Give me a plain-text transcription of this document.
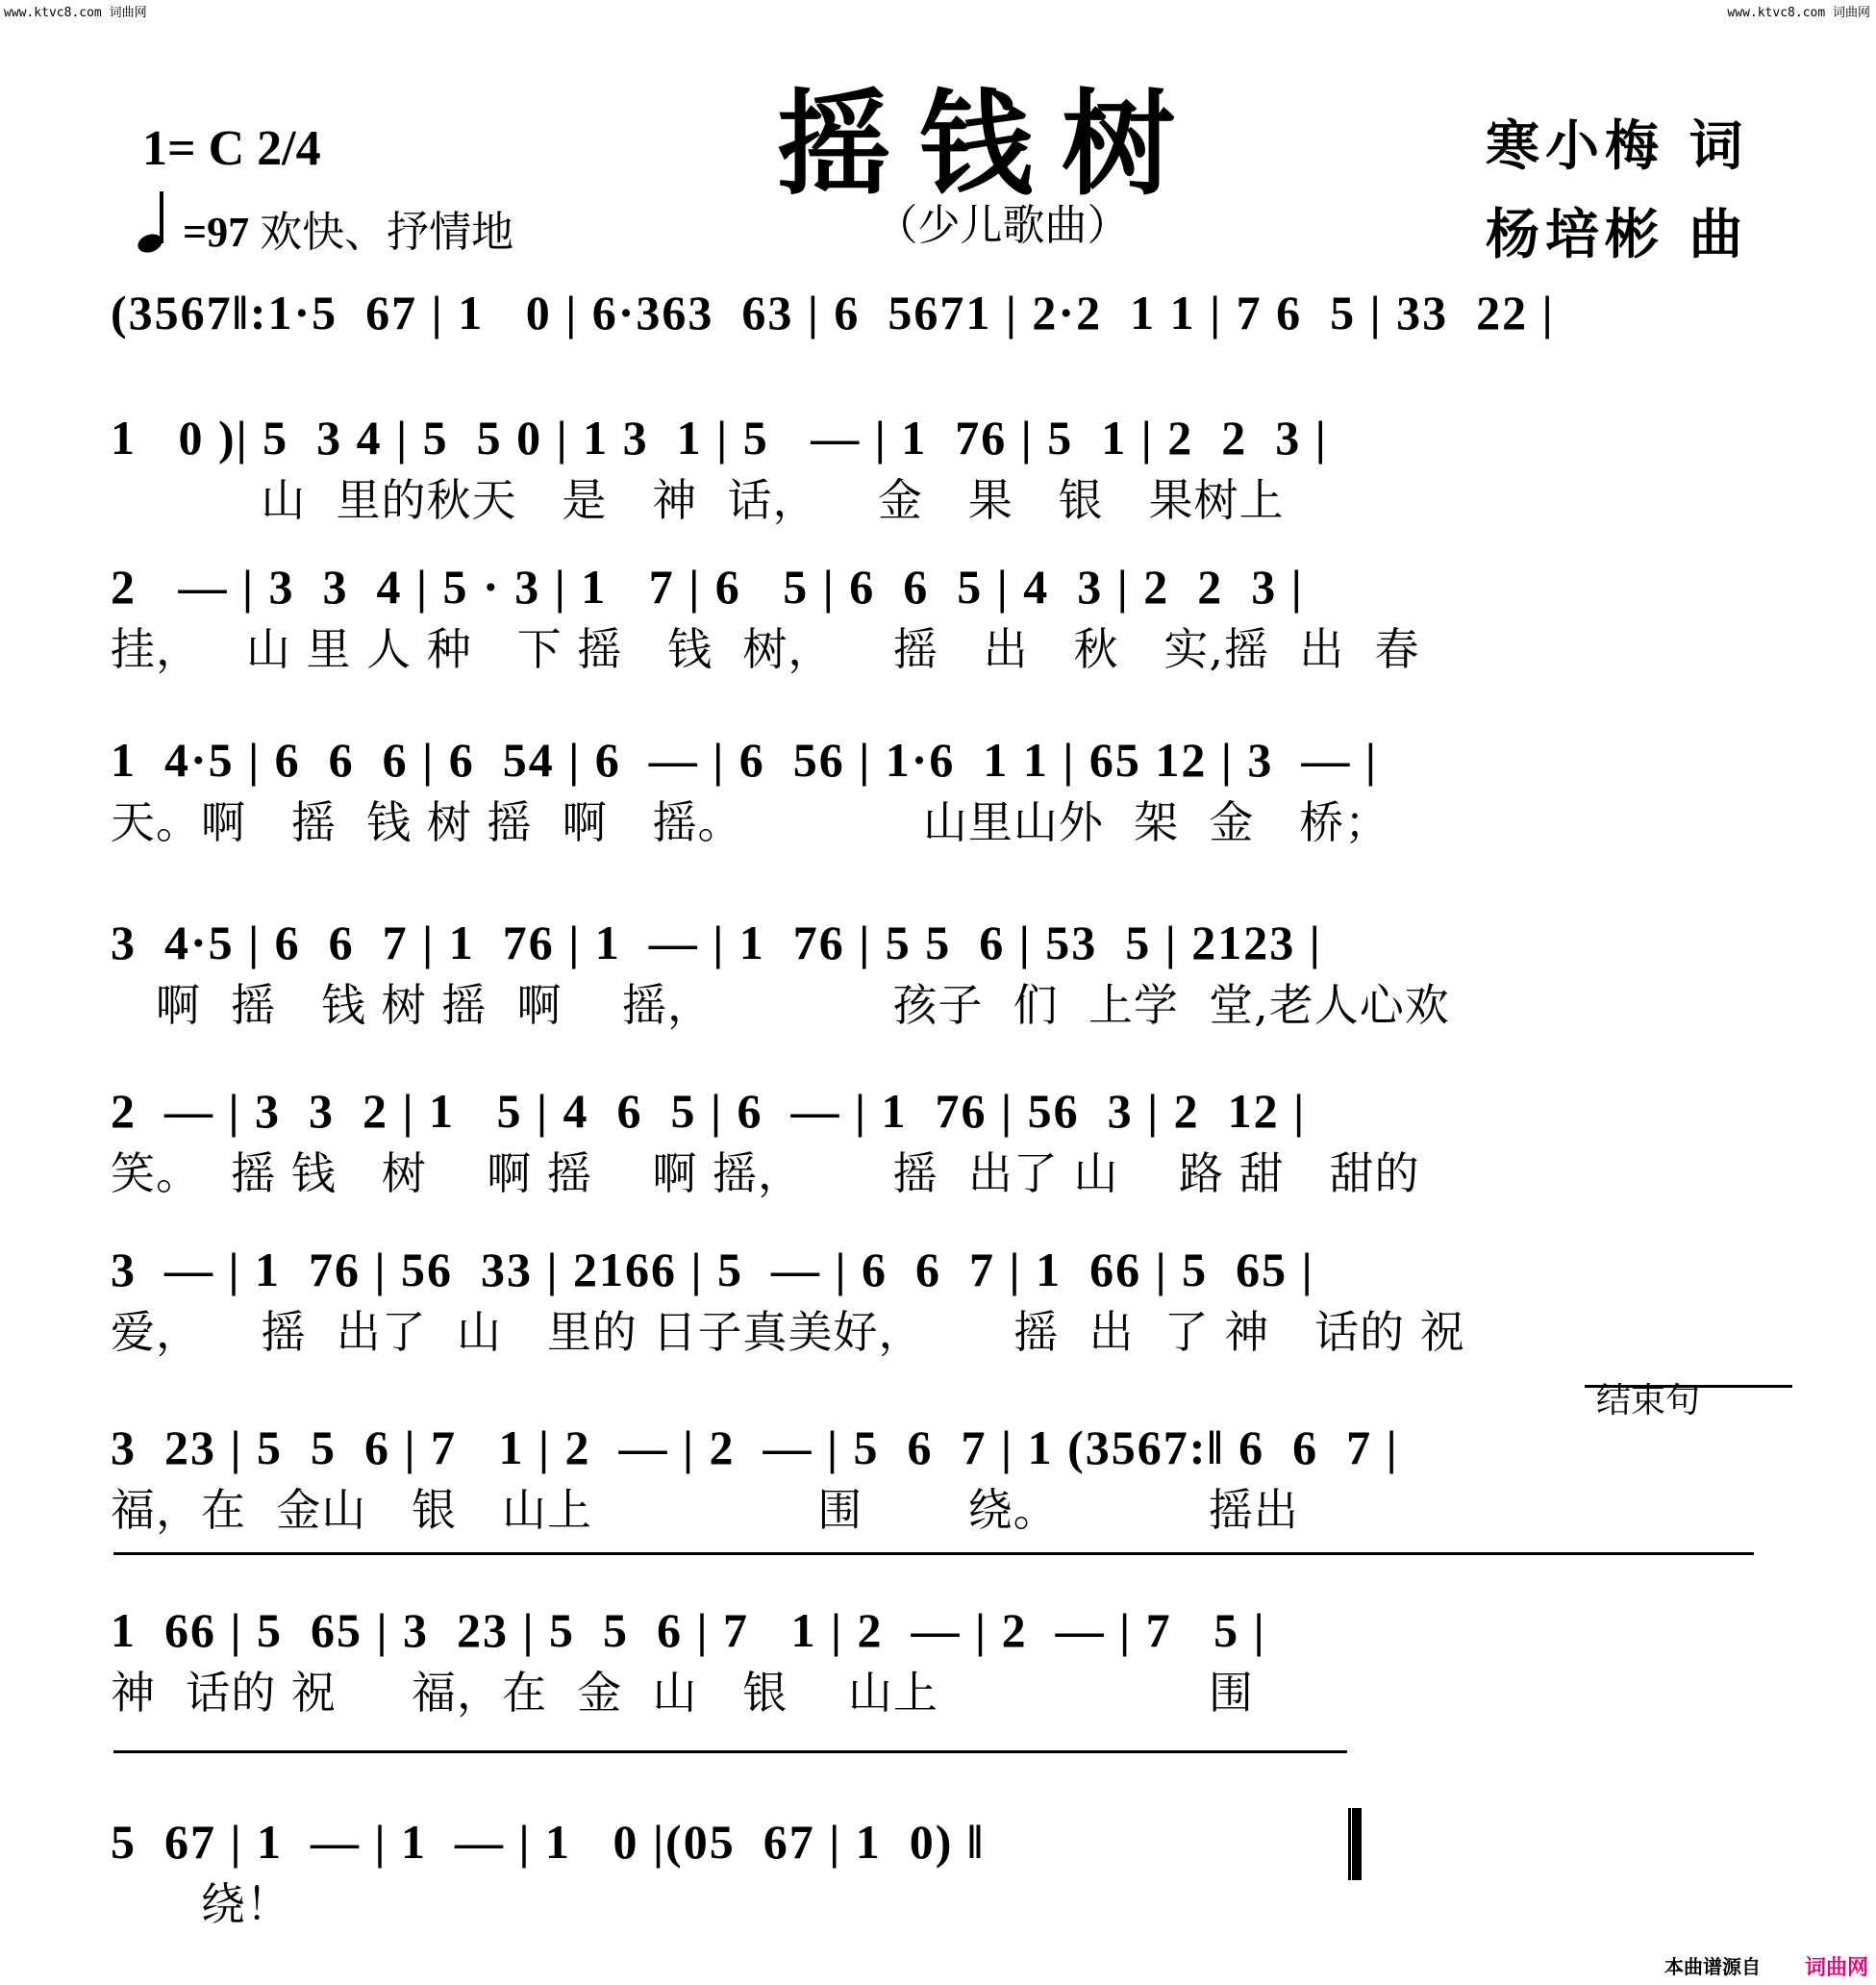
www.ktvc8.com 词曲网	www.ktvc8.com 词曲网
摇钱树
（少儿歌曲）
1= C 2/4
=97 欢快、抒情地
寒小梅 词
杨培彬 曲
(3567‖:1·5  67 | 1   0 | 6·363  63 | 6  5671 | 2·2  1 1 | 7 6  5 | 33  22 |
1   0 )| 5  3 4 | 5  5 0 | 1 3  1 | 5   — | 1  76 | 5  1 | 2  2  3 |
山  里的秋天   是   神  话，    金   果   银   果树上
2   — | 3  3  4 | 5 · 3 | 1   7 | 6   5 | 6  6  5 | 4  3 | 2  2  3 |
挂，   山 里 人 种   下 摇   钱  树，    摇   出   秋   实,摇  出  春
1  4·5 | 6  6  6 | 6  54 | 6  — | 6  56 | 1·6  1 1 | 65 12 | 3  — |
天。啊   摇  钱 树 摇  啊   摇。            山里山外  架  金   桥；
3  4·5 | 6  6  7 | 1  76 | 1  — | 1  76 | 5 5  6 | 53  5 | 2123 |
啊  摇   钱 树 摇  啊    摇，            孩子  们  上学  堂,老人心欢
2  — | 3  3  2 | 1   5 | 4  6  5 | 6  — | 1  76 | 56  3 | 2  12 |
笑。  摇 钱   树    啊 摇    啊 摇，      摇  出了 山    路 甜   甜的
3  — | 1  76 | 56  33 | 2166 | 5  — | 6  6  7 | 1  66 | 5  65 |
爱，    摇  出了  山   里的 日子真美好，      摇  出  了 神   话的 祝
结束句
3  23 | 5  5  6 | 7   1 | 2  — | 2  — | 5  6  7 | 1 (3567:‖ 6  6  7 |
福，在  金山   银   山上               围       绕。          摇出
1  66 | 5  65 | 3  23 | 5  5  6 | 7   1 | 2  — | 2  — | 7   5 |
神  话的 祝     福，在  金  山   银    山上                  围
5  67 | 1  — | 1  — | 1   0 |(05  67 | 1  0) ‖
绕！
本曲谱源自 词曲网
